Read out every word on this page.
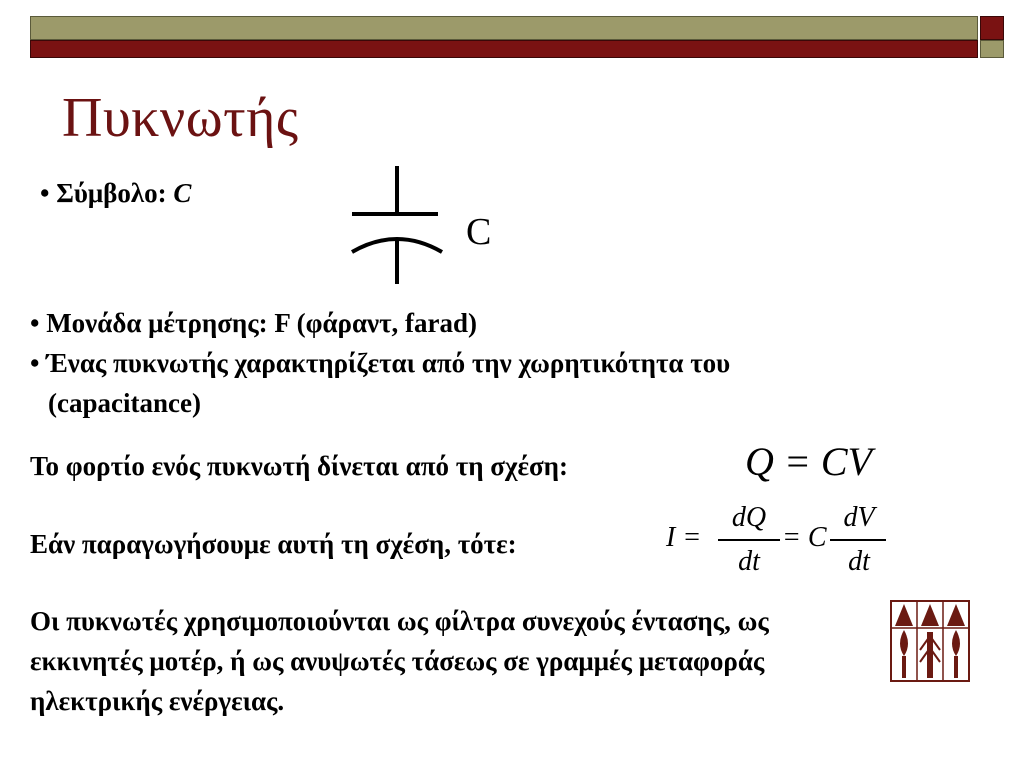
Πυκνωτής
• Σύμβολο: C
C
• Μονάδα μέτρησης: F (φάραντ, farad)
• Ένας πυκνωτής χαρακτηρίζεται από την χωρητικότητα του
(capacitance)
Το φορτίο ενός πυκνωτή δίνεται από τη σχέση:	Q = CV
Εάν παραγωγήσουμε αυτή τη σχέση, τότε:	I =
dQ
dt
= C
dV
dt
Οι πυκνωτές χρησιμοποιούνται ως φίλτρα συνεχούς έντασης, ως
εκκινητές μοτέρ, ή ως ανυψωτές τάσεως σε γραμμές μεταφοράς
ηλεκτρικής ενέργειας.
